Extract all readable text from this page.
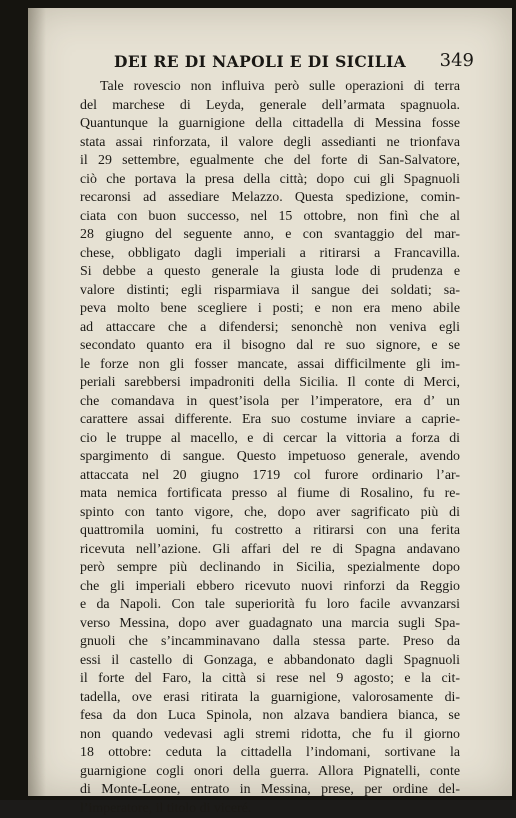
DEI RE DI NAPOLI E DI SICILIA 349
Tale rovescio non influiva però sulle operazioni di terra
del marchese di Leyda, generale dell’armata spagnuola.
Quantunque la guarnigione della cittadella di Messina fosse
stata assai rinforzata, il valore degli assedianti ne trionfava
il 29 settembre, egualmente che del forte di San-Salvatore,
ciò che portava la presa della città; dopo cui gli Spagnuoli
recaronsi ad assediare Melazzo. Questa spedizione, comin-
ciata con buon successo, nel 15 ottobre, non finì che al
28 giugno del seguente anno, e con svantaggio del mar-
chese, obbligato dagli imperiali a ritirarsi a Francavilla.
Si debbe a questo generale la giusta lode di prudenza e
valore distinti; egli risparmiava il sangue dei soldati; sa-
peva molto bene scegliere i posti; e non era meno abile
ad attaccare che a difendersi; senonchè non veniva egli
secondato quanto era il bisogno dal re suo signore, e se
le forze non gli fosser mancate, assai difficilmente gli im-
periali sarebbersi impadroniti della Sicilia. Il conte di Merci,
che comandava in quest’isola per l’imperatore, era d’ un
carattere assai differente. Era suo costume inviare a caprie-
cio le truppe al macello, e di cercar la vittoria a forza di
spargimento di sangue. Questo impetuoso generale, avendo
attaccata nel 20 giugno 1719 col furore ordinario l’ar-
mata nemica fortificata presso al fiume di Rosalino, fu re-
spinto con tanto vigore, che, dopo aver sagrificato più di
quattromila uomini, fu costretto a ritirarsi con una ferita
ricevuta nell’azione. Gli affari del re di Spagna andavano
però sempre più declinando in Sicilia, spezialmente dopo
che gli imperiali ebbero ricevuto nuovi rinforzi da Reggio
e da Napoli. Con tale superiorità fu loro facile avvanzarsi
verso Messina, dopo aver guadagnato una marcia sugli Spa-
gnuoli che s’incamminavano dalla stessa parte. Preso da
essi il castello di Gonzaga, e abbandonato dagli Spagnuoli
il forte del Faro, la città si rese nel 9 agosto; e la cit-
tadella, ove erasi ritirata la guarnigione, valorosamente di-
fesa da don Luca Spinola, non alzava bandiera bianca, se
non quando vedevasi agli stremi ridotta, che fu il giorno
18 ottobre: ceduta la cittadella l’indomani, sortivane la
guarnigione cogli onori della guerra. Allora Pignatelli, conte
di Monte-Leone, entrato in Messina, prese, per ordine del-
l’imperatore, il titolo di viceré.
